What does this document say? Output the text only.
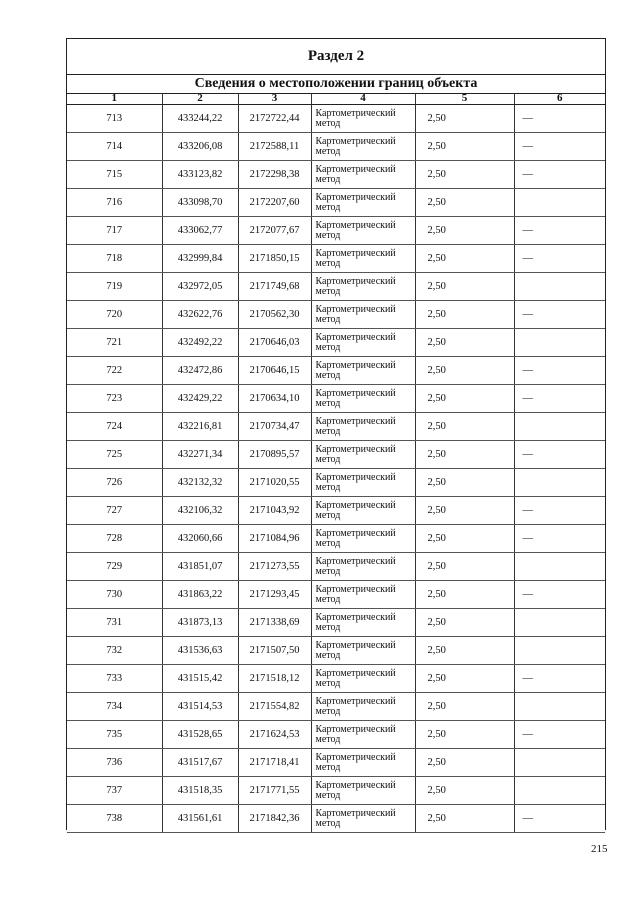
Раздел 2
Сведения о местоположении границ объекта
1	2	3	4	5	6
713	433244,22	2172722,44	Картометрический метод	2,50	—
714	433206,08	2172588,11	Картометрический метод	2,50	—
715	433123,82	2172298,38	Картометрический метод	2,50	—
716	433098,70	2172207,60	Картометрический метод	2,50	
717	433062,77	2172077,67	Картометрический метод	2,50	—
718	432999,84	2171850,15	Картометрический метод	2,50	—
719	432972,05	2171749,68	Картометрический метод	2,50	
720	432622,76	2170562,30	Картометрический метод	2,50	—
721	432492,22	2170646,03	Картометрический метод	2,50	
722	432472,86	2170646,15	Картометрический метод	2,50	—
723	432429,22	2170634,10	Картометрический метод	2,50	—
724	432216,81	2170734,47	Картометрический метод	2,50	
725	432271,34	2170895,57	Картометрический метод	2,50	—
726	432132,32	2171020,55	Картометрический метод	2,50	
727	432106,32	2171043,92	Картометрический метод	2,50	—
728	432060,66	2171084,96	Картометрический метод	2,50	—
729	431851,07	2171273,55	Картометрический метод	2,50	
730	431863,22	2171293,45	Картометрический метод	2,50	—
731	431873,13	2171338,69	Картометрический метод	2,50	
732	431536,63	2171507,50	Картометрический метод	2,50	
733	431515,42	2171518,12	Картометрический метод	2,50	—
734	431514,53	2171554,82	Картометрический метод	2,50	
735	431528,65	2171624,53	Картометрический метод	2,50	—
736	431517,67	2171718,41	Картометрический метод	2,50	
737	431518,35	2171771,55	Картометрический метод	2,50	
738	431561,61	2171842,36	Картометрический метод	2,50	—
215
